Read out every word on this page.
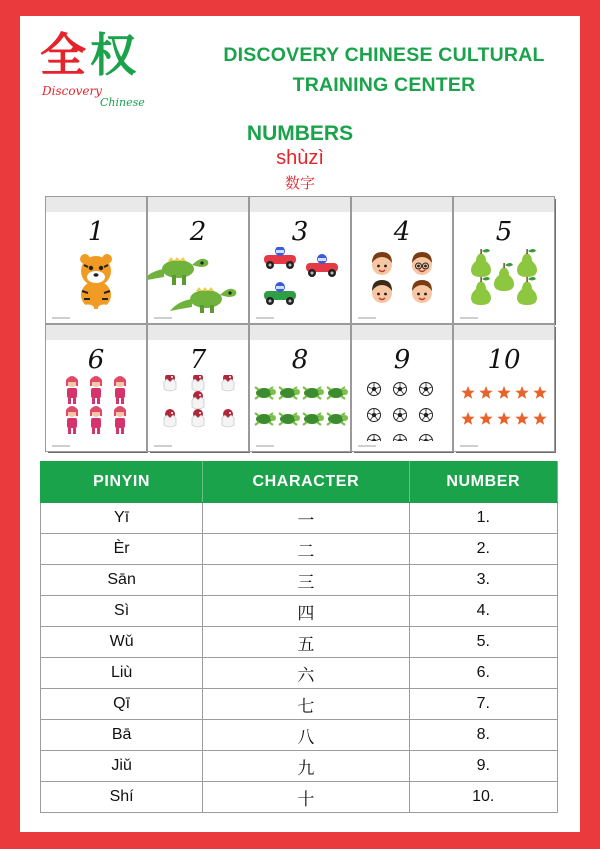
全 权
Discovery
Chinese
DISCOVERY CHINESE CULTURAL
TRAINING CENTER
NUMBERS
shùzì
数字
1	2	3	4	5
6	7	8	9	10
PINYIN	CHARACTER	NUMBER
Yī	一	1.
Èr	二	2.
Sān	三	3.
Sì	四	4.
Wǔ	五	5.
Liù	六	6.
Qī	七	7.
Bā	八	8.
Jiǔ	九	9.
Shí	十	10.
